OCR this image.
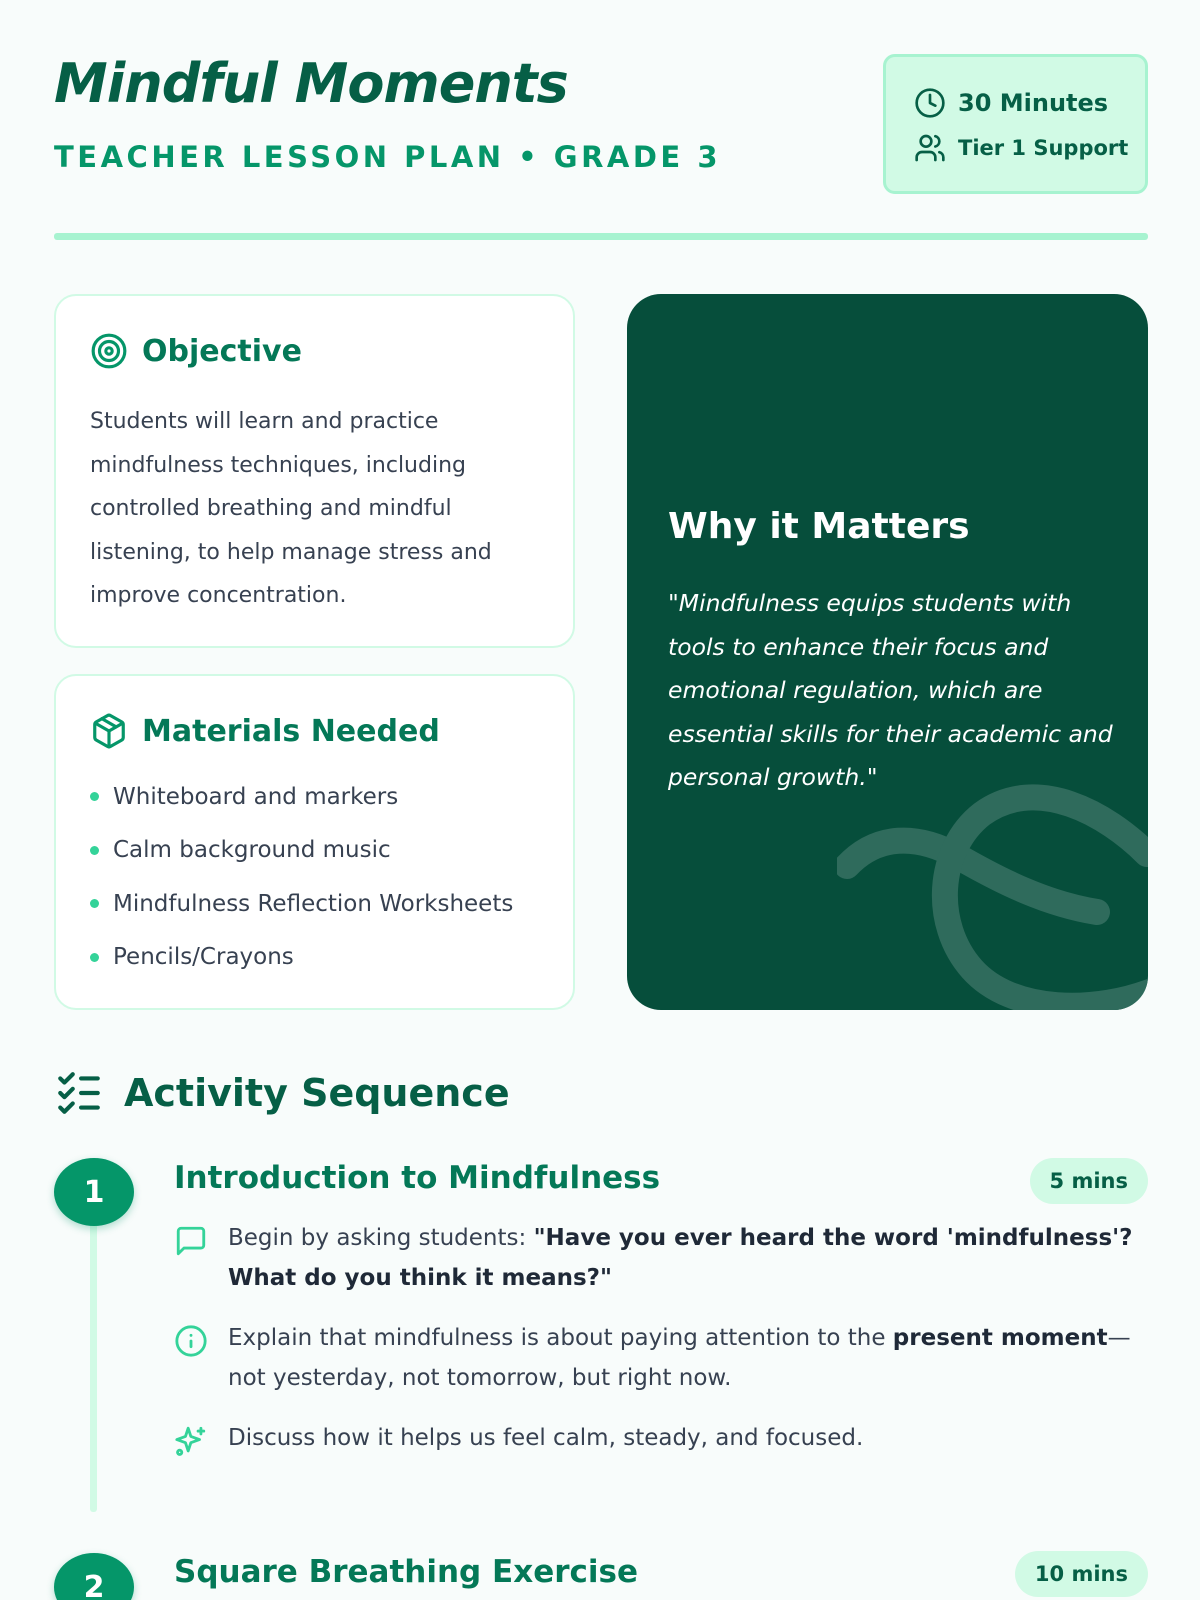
Mindful Moments
TEACHER LESSON PLAN • GRADE 3
30 Minutes
Tier 1 Support
Objective

Students will learn and practice mindfulness techniques, including controlled breathing and mindful listening, to help manage stress and improve concentration.

Materials Needed
Whiteboard and markers
Calm background music
Mindfulness Reflection Worksheets
Pencils/Crayons
Why it Matters

"Mindfulness equips students with tools to enhance their focus and emotional regulation, which are essential skills for their academic and personal growth."

Activity Sequence
1	Introduction to Mindfulness	5 mins
Begin by asking students: "Have you ever heard the word 'mindfulness'? What do you think it means?"
Explain that mindfulness is about paying attention to the present moment—not yesterday, not tomorrow, but right now.
Discuss how it helps us feel calm, steady, and focused.
2	Square Breathing Exercise	10 mins
